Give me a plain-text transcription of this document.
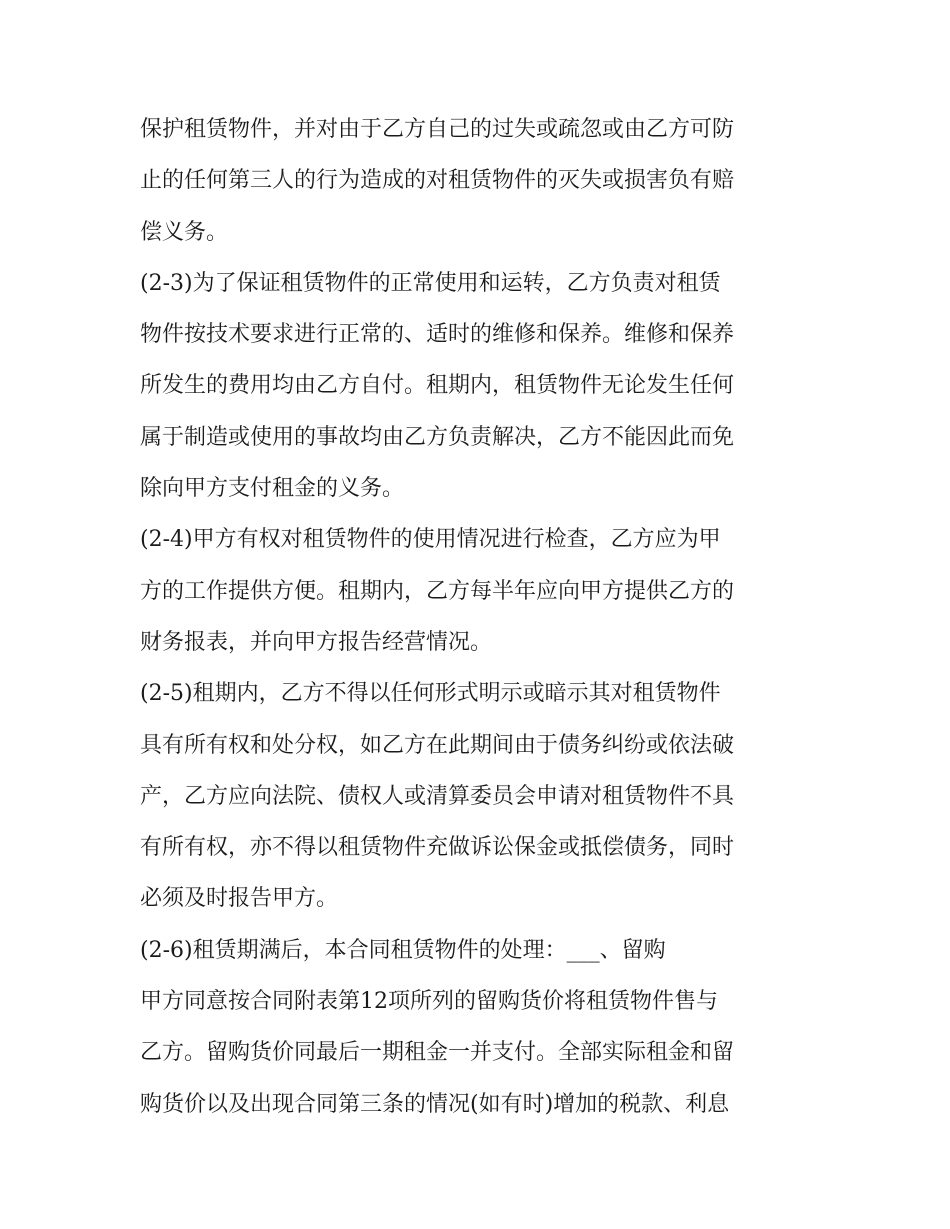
保护租赁物件，并对由于乙方自己的过失或疏忽或由乙方可防
止的任何第三人的行为造成的对租赁物件的灭失或损害负有赔
偿义务。
(2-3)为了保证租赁物件的正常使用和运转，乙方负责对租赁
物件按技术要求进行正常的、适时的维修和保养。维修和保养
所发生的费用均由乙方自付。租期内，租赁物件无论发生任何
属于制造或使用的事故均由乙方负责解决，乙方不能因此而免
除向甲方支付租金的义务。
(2-4)甲方有权对租赁物件的使用情况进行检查，乙方应为甲
方的工作提供方便。租期内，乙方每半年应向甲方提供乙方的
财务报表，并向甲方报告经营情况。
(2-5)租期内，乙方不得以任何形式明示或暗示其对租赁物件
具有所有权和处分权，如乙方在此期间由于债务纠纷或依法破
产，乙方应向法院、债权人或清算委员会申请对租赁物件不具
有所有权，亦不得以租赁物件充做诉讼保金或抵偿债务，同时
必须及时报告甲方。
(2-6)租赁期满后，本合同租赁物件的处理：___、留购
甲方同意按合同附表第12项所列的留购货价将租赁物件售与
乙方。留购货价同最后一期租金一并支付。全部实际租金和留
购货价以及出现合同第三条的情况(如有时)增加的税款、利息
